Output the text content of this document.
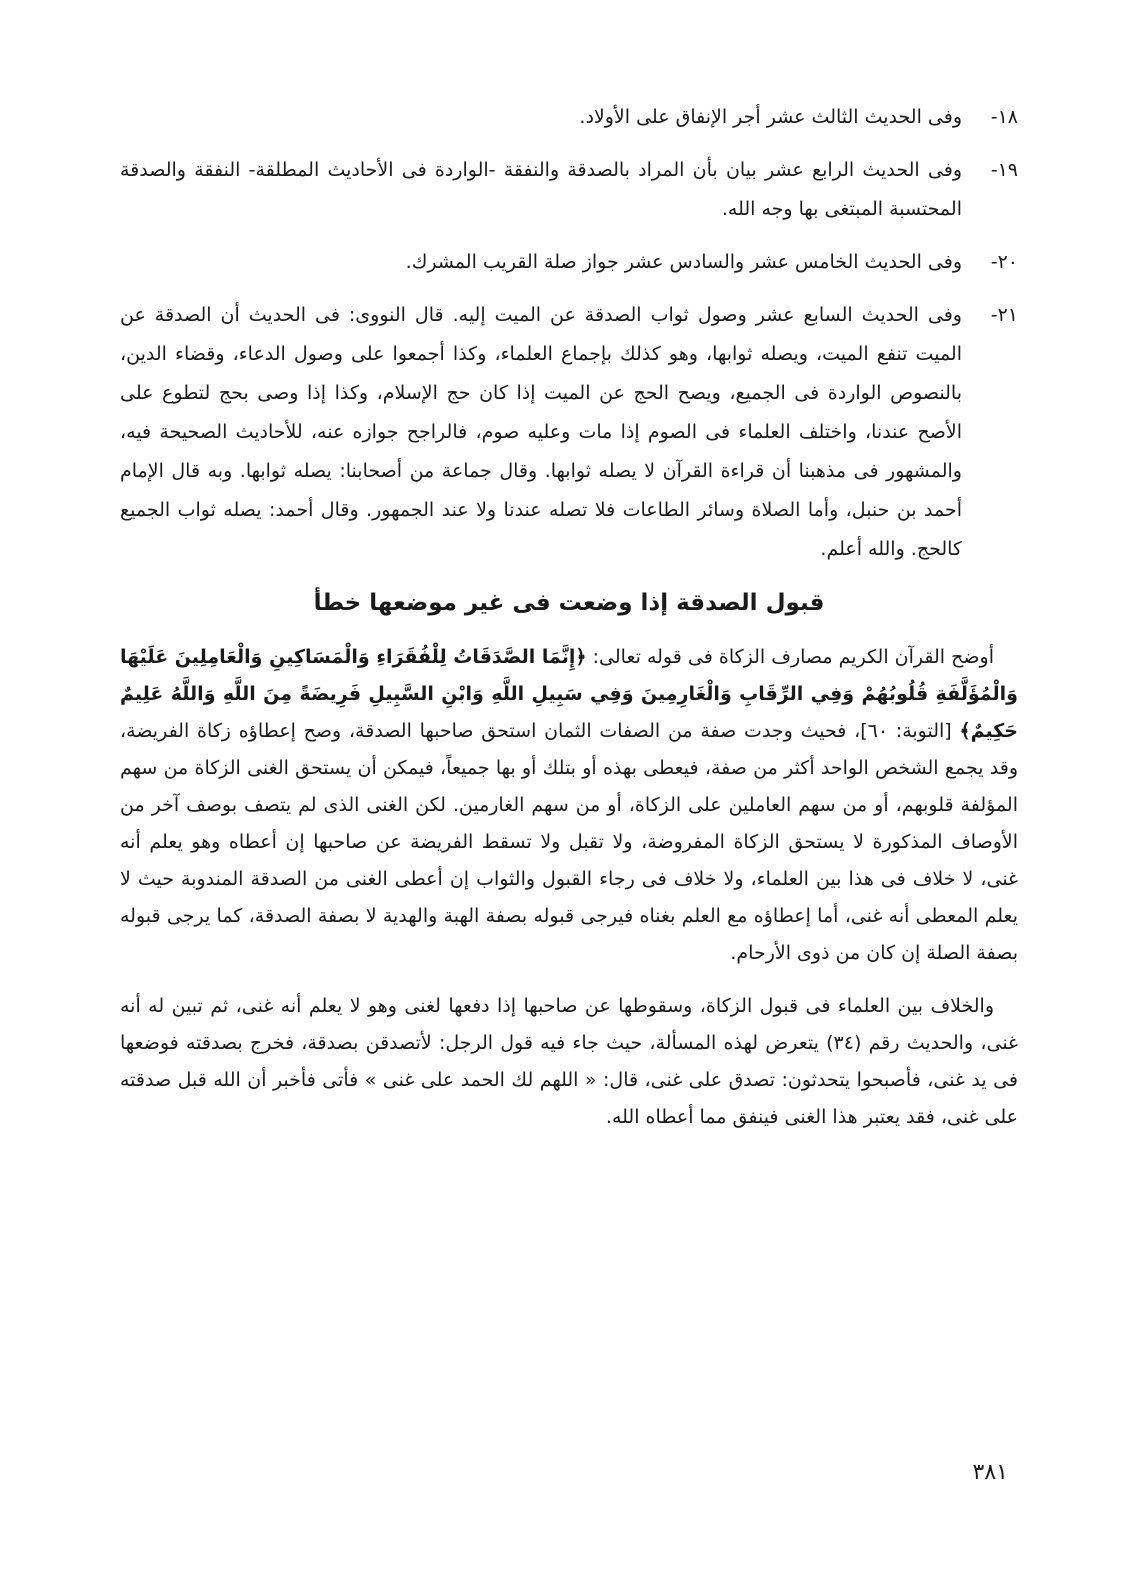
١٨-
وفى الحديث الثالث عشر أجر الإنفاق على الأولاد.
١٩-
وفى الحديث الرابع عشر بيان بأن المراد بالصدقة والنفقة -الواردة فى الأحاديث المطلقة- النفقة والصدقة المحتسبة المبتغى بها وجه الله.
٢٠-
وفى الحديث الخامس عشر والسادس عشر جواز صلة القريب المشرك.
٢١-
وفى الحديث السابع عشر وصول ثواب الصدقة عن الميت إليه. قال النووى: فى الحديث أن الصدقة عن الميت تنفع الميت، ويصله ثوابها، وهو كذلك بإجماع العلماء، وكذا أجمعوا على وصول الدعاء، وقضاء الدين، بالنصوص الواردة فى الجميع، ويصح الحج عن الميت إذا كان حج الإسلام، وكذا إذا وصى بحج لتطوع على الأصح عندنا، واختلف العلماء فى الصوم إذا مات وعليه صوم، فالراجح جوازه عنه، للأحاديث الصحيحة فيه، والمشهور فى مذهبنا أن قراءة القرآن لا يصله ثوابها. وقال جماعة من أصحابنا: يصله ثوابها. وبه قال الإمام أحمد بن حنبل، وأما الصلاة وسائر الطاعات فلا تصله عندنا ولا عند الجمهور. وقال أحمد: يصله ثواب الجميع كالحج. والله أعلم.
قبول الصدقة إذا وضعت فى غير موضعها خطأ

أوضح القرآن الكريم مصارف الزكاة فى قوله تعالى: ﴿إِنَّمَا الصَّدَقَاتُ لِلْفُقَرَاءِ وَالْمَسَاكِينِ وَالْعَامِلِينَ عَلَيْهَا وَالْمُؤَلَّفَةِ قُلُوبُهُمْ وَفِي الرِّقَابِ وَالْغَارِمِينَ وَفِي سَبِيلِ اللَّهِ وَابْنِ السَّبِيلِ فَرِيضَةً مِنَ اللَّهِ وَاللَّهُ عَلِيمٌ حَكِيمٌ﴾ [التوبة: ٦٠]، فحيث وجدت صفة من الصفات الثمان استحق صاحبها الصدقة، وصح إعطاؤه زكاة الفريضة، وقد يجمع الشخص الواحد أكثر من صفة، فيعطى بهذه أو بتلك أو بها جميعاً، فيمكن أن يستحق الغنى الزكاة من سهم المؤلفة قلوبهم، أو من سهم العاملين على الزكاة، أو من سهم الغارمين. لكن الغنى الذى لم يتصف بوصف آخر من الأوصاف المذكورة لا يستحق الزكاة المفروضة، ولا تقبل ولا تسقط الفريضة عن صاحبها إن أعطاه وهو يعلم أنه غنى، لا خلاف فى هذا بين العلماء، ولا خلاف فى رجاء القبول والثواب إن أعطى الغنى من الصدقة المندوبة حيث لا يعلم المعطى أنه غنى، أما إعطاؤه مع العلم بغناه فيرجى قبوله بصفة الهبة والهدية لا بصفة الصدقة، كما يرجى قبوله بصفة الصلة إن كان من ذوى الأرحام.

والخلاف بين العلماء فى قبول الزكاة، وسقوطها عن صاحبها إذا دفعها لغنى وهو لا يعلم أنه غنى، ثم تبين له أنه غنى، والحديث رقم (٣٤) يتعرض لهذه المسألة، حيث جاء فيه قول الرجل: لأتصدقن بصدقة، فخرج بصدقته فوضعها فى يد غنى، فأصبحوا يتحدثون: تصدق على غنى، قال: « اللهم لك الحمد على غنى » فأتى فأخبر أن الله قبل صدقته على غنى، فقد يعتبر هذا الغنى فينفق مما أعطاه الله.

٣٨١
